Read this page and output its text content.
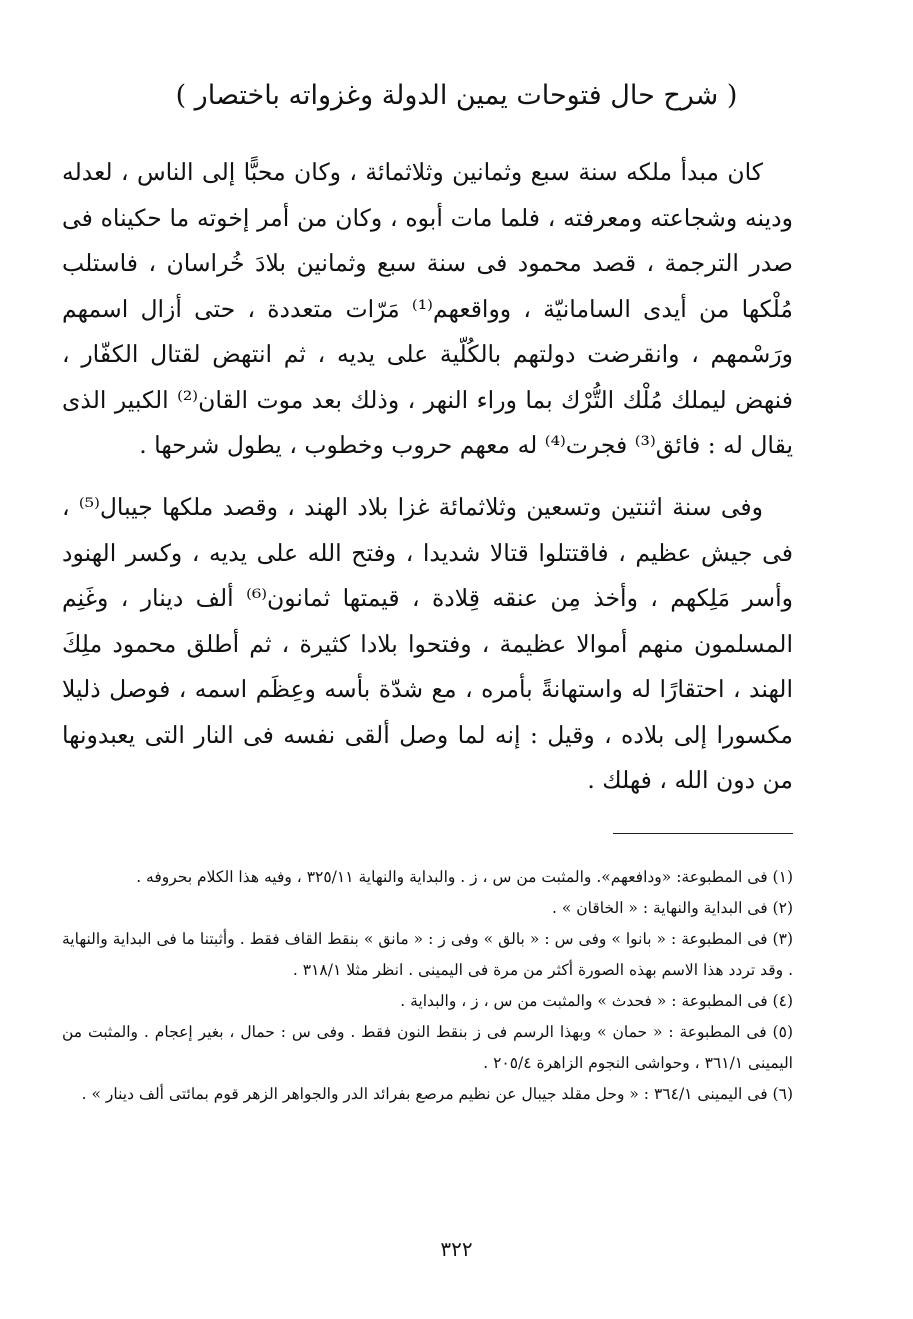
( شرح حال فتوحات يمين الدولة وغزواته باختصار )
كان مبدأ ملكه سنة سبع وثمانين وثلاثمائة ، وكان محبًّا إلى الناس ، لعدله ودينه وشجاعته ومعرفته ، فلما مات أبوه ، وكان من أمر إخوته ما حكيناه فى صدر الترجمة ، قصد محمود فى سنة سبع وثمانين بلادَ خُراسان ، فاستلب مُلْكها من أيدى السامانيّة ، وواقعهم⁽¹⁾ مَرّات متعددة ، حتى أزال اسمهم ورَسْمهم ، وانقرضت دولتهم بالكُلّية على يديه ، ثم انتهض لقتال الكفّار ، فنهض ليملك مُلْك التُّرْك بما وراء النهر ، وذلك بعد موت القان⁽²⁾ الكبير الذى يقال له : فائق⁽³⁾ فجرت⁽⁴⁾ له معهم حروب وخطوب ، يطول شرحها .
وفى سنة اثنتين وتسعين وثلاثمائة غزا بلاد الهند ، وقصد ملكها جيبال⁽⁵⁾ ، فى جيش عظيم ، فاقتتلوا قتالا شديدا ، وفتح الله على يديه ، وكسر الهنود وأسر مَلِكهم ، وأخذ مِن عنقه قِلادة ، قيمتها ثمانون⁽⁶⁾ ألف دينار ، وغَنِم المسلمون منهم أموالا عظيمة ، وفتحوا بلادا كثيرة ، ثم أطلق محمود ملِكَ الهند ، احتقارًا له واستهانةً بأمره ، مع شدّة بأسه وعِظَم اسمه ، فوصل ذليلا مكسورا إلى بلاده ، وقيل : إنه لما وصل ألقى نفسه فى النار التى يعبدونها من دون الله ، فهلك .

(١) فى المطبوعة: «ودافعهم». والمثبت من س ، ز . والبداية والنهاية ٣٢٥/١١ ، وفيه هذا الكلام بحروفه .

(٢) فى البداية والنهاية : « الخاقان » .

(٣) فى المطبوعة : « بانوا » وفى س : « بالق » وفى ز : « مانق » بنقط القاف فقط . وأثبتنا ما فى البداية والنهاية . وقد تردد هذا الاسم بهذه الصورة أكثر من مرة فى اليمينى . انظر مثلا ٣١٨/١ .

(٤) فى المطبوعة : « فحدث » والمثبت من س ، ز ، والبداية .

(٥) فى المطبوعة : « حمان » وبهذا الرسم فى ز بنقط النون فقط . وفى س : حمال ، بغير إعجام . والمثبت من اليمينى ٣٦١/١ ، وحواشى النجوم الزاهرة ٢٠٥/٤ .

(٦) فى اليمينى ٣٦٤/١ : « وحل مقلد جيبال عن نظيم مرصع بفرائد الدر والجواهر الزهر قوم بمائتى ألف دينار » .

٣٢٢
